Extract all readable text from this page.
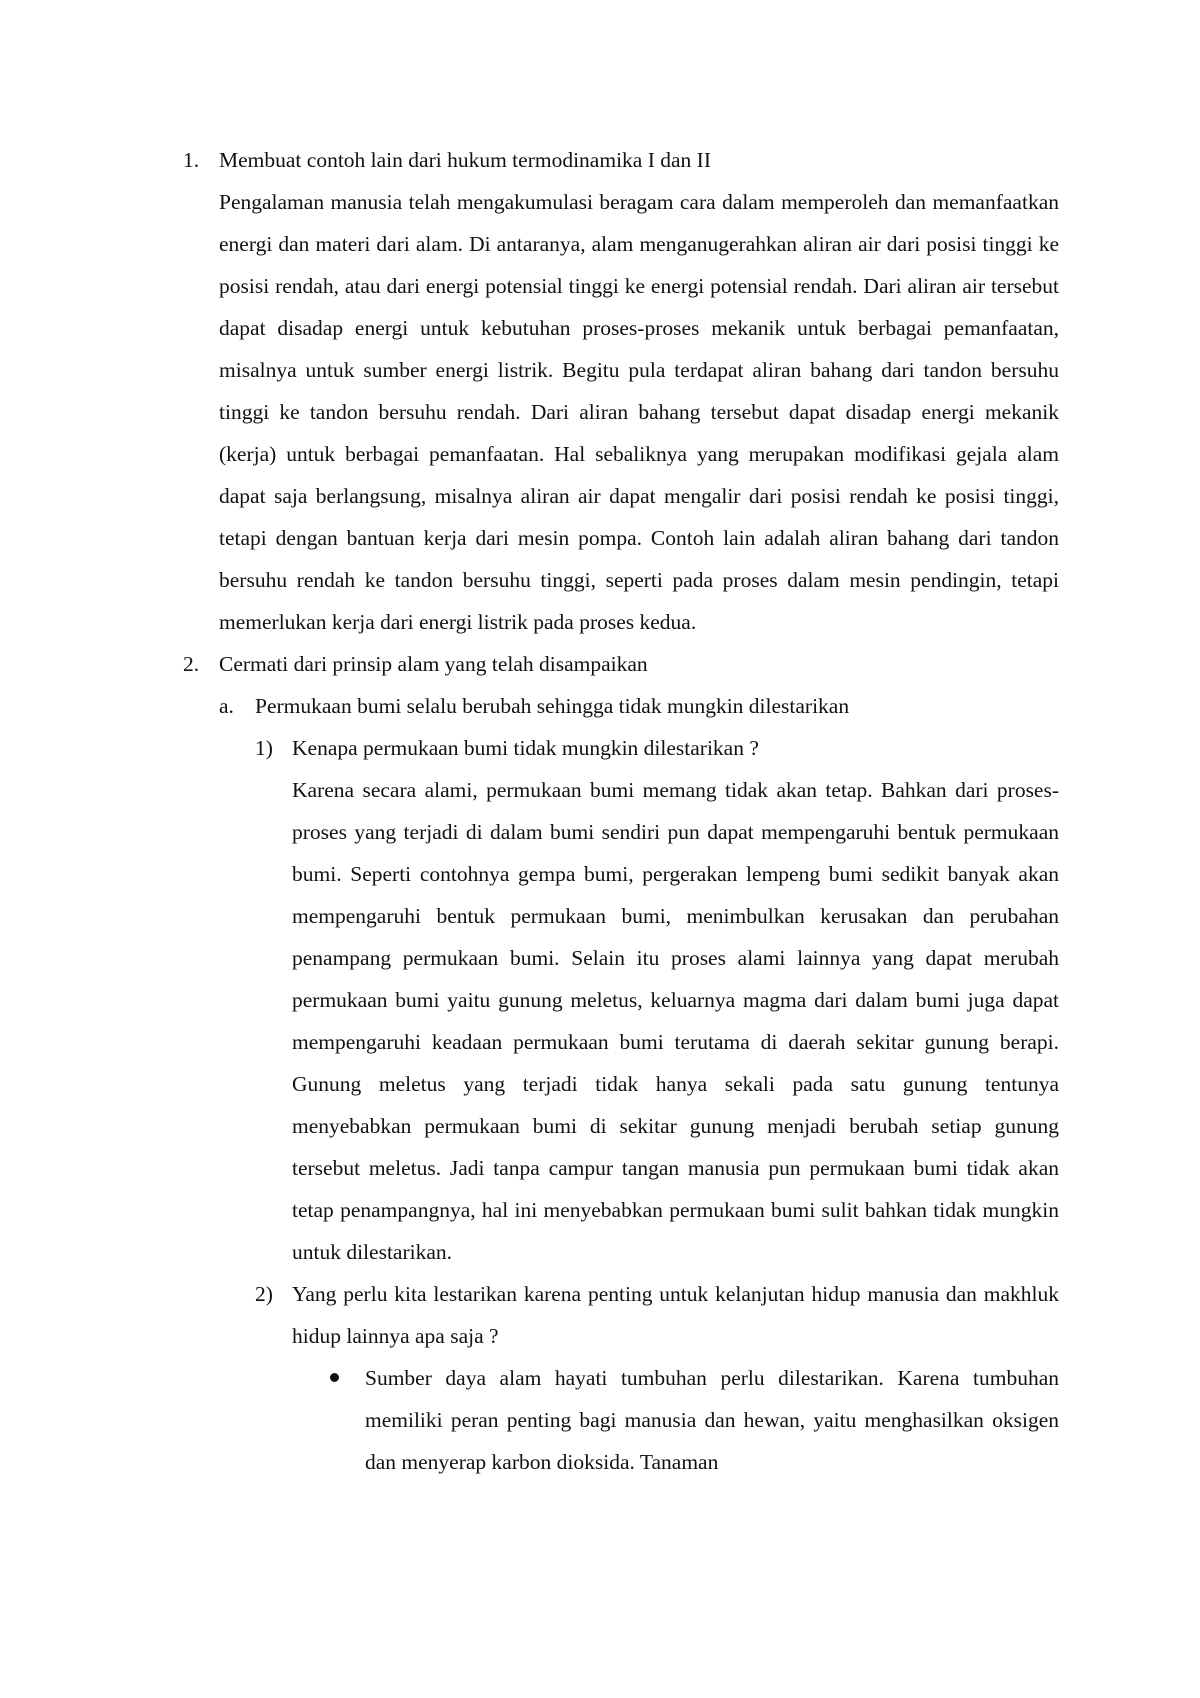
1. Membuat contoh lain dari hukum termodinamika I dan II

Pengalaman manusia telah mengakumulasi beragam cara dalam memperoleh dan memanfaatkan energi dan materi dari alam. Di antaranya, alam menganugerahkan aliran air dari posisi tinggi ke posisi rendah, atau dari energi potensial tinggi ke energi potensial rendah. Dari aliran air tersebut dapat disadap energi untuk kebutuhan proses-proses mekanik untuk berbagai pemanfaatan, misalnya untuk sumber energi listrik. Begitu pula terdapat aliran bahang dari tandon bersuhu tinggi ke tandon bersuhu rendah. Dari aliran bahang tersebut dapat disadap energi mekanik (kerja) untuk berbagai pemanfaatan. Hal sebaliknya yang merupakan modifikasi gejala alam dapat saja berlangsung, misalnya aliran air dapat mengalir dari posisi rendah ke posisi tinggi, tetapi dengan bantuan kerja dari mesin pompa. Contoh lain adalah aliran bahang dari tandon bersuhu rendah ke tandon bersuhu tinggi, seperti pada proses dalam mesin pendingin, tetapi memerlukan kerja dari energi listrik pada proses kedua.

2. Cermati dari prinsip alam yang telah disampaikan

a. Permukaan bumi selalu berubah sehingga tidak mungkin dilestarikan

1) Kenapa permukaan bumi tidak mungkin dilestarikan ?

Karena secara alami, permukaan bumi memang tidak akan tetap. Bahkan dari proses-proses yang terjadi di dalam bumi sendiri pun dapat mempengaruhi bentuk permukaan bumi. Seperti contohnya gempa bumi, pergerakan lempeng bumi sedikit banyak akan mempengaruhi bentuk permukaan bumi, menimbulkan kerusakan dan perubahan penampang permukaan bumi. Selain itu proses alami lainnya yang dapat merubah permukaan bumi yaitu gunung meletus, keluarnya magma dari dalam bumi juga dapat mempengaruhi keadaan permukaan bumi terutama di daerah sekitar gunung berapi. Gunung meletus yang terjadi tidak hanya sekali pada satu gunung tentunya menyebabkan permukaan bumi di sekitar gunung menjadi berubah setiap gunung tersebut meletus. Jadi tanpa campur tangan manusia pun permukaan bumi tidak akan tetap penampangnya, hal ini menyebabkan permukaan bumi sulit bahkan tidak mungkin untuk dilestarikan.

2) Yang perlu kita lestarikan karena penting untuk kelanjutan hidup manusia dan makhluk hidup lainnya apa saja ?

Sumber daya alam hayati tumbuhan perlu dilestarikan. Karena tumbuhan memiliki peran penting bagi manusia dan hewan, yaitu menghasilkan oksigen dan menyerap karbon dioksida. Tanaman
